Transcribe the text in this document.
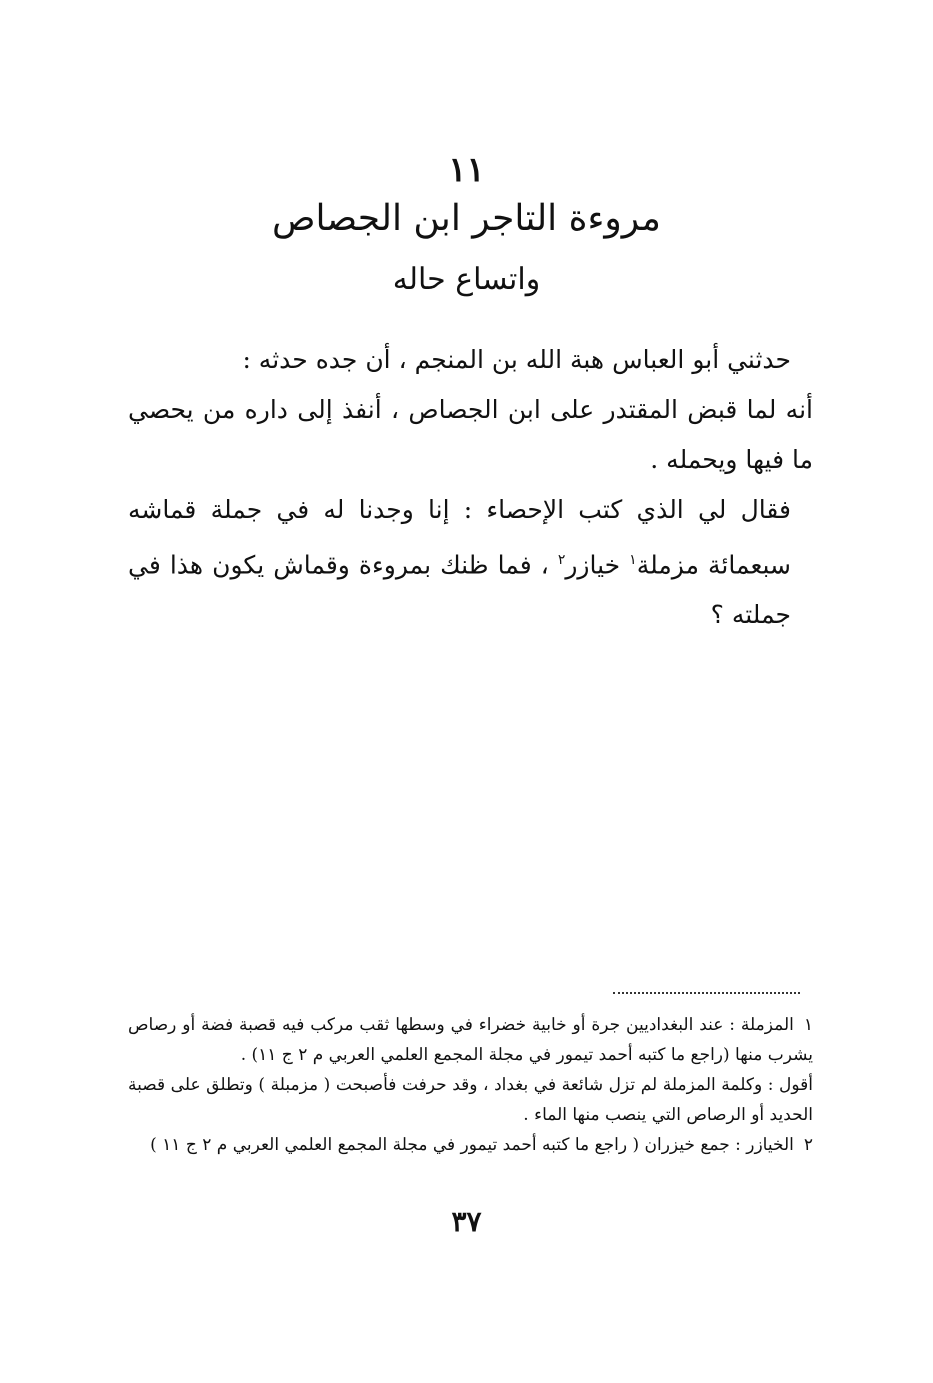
١١
مروءة التاجر ابن الجصاص
واتساع حاله

حدثني أبو العباس هبة الله بن المنجم ، أن جده حدثه :

أنه لما قبض المقتدر على ابن الجصاص ، أنفذ إلى داره من يحصي ما فيها ويحمله .

فقال لي الذي كتب الإحصاء : إنا وجدنا له في جملة قماشه سبعمائة مزملة$^١$ خيازر$^٢$ ، فما ظنك بمروءة وقماش يكون هذا في جملته ؟

١المزملة : عند البغداديين جرة أو خابية خضراء في وسطها ثقب مركب فيه قصبة فضة أو رصاص يشرب منها (راجع ما كتبه أحمد تيمور في مجلة المجمع العلمي العربي م ٢ ج ١١) .

أقول : وكلمة المزملة لم تزل شائعة في بغداد ، وقد حرفت فأصبحت ( مزمبلة ) وتطلق على قصبة الحديد أو الرصاص التي ينصب منها الماء .

٢الخيازر : جمع خيزران ( راجع ما كتبه أحمد تيمور في مجلة المجمع العلمي العربي م ٢ ج ١١ )

٣٧
